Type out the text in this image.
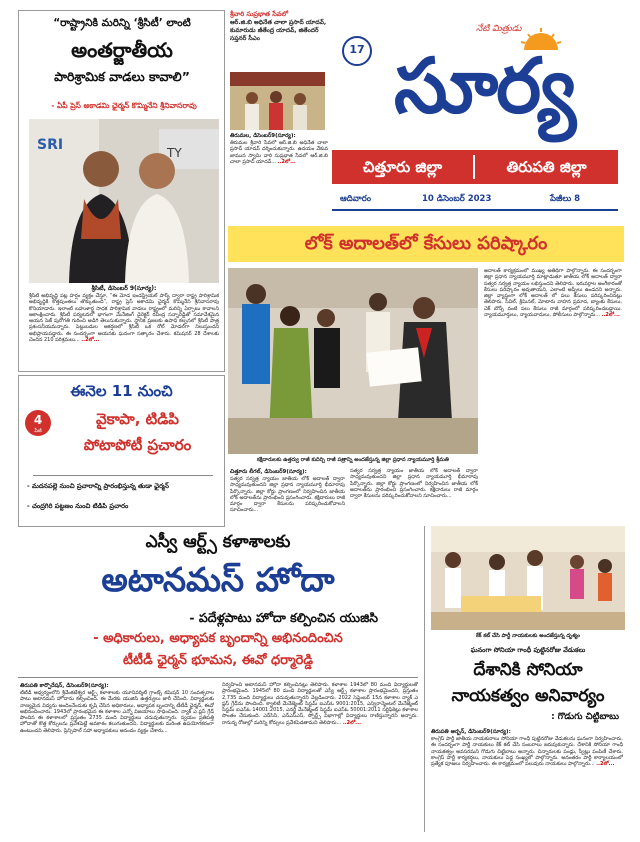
“రాష్ట్రానికి మరిన్ని ‘శ్రీసిటీ’ లాంటి
అంతర్జాతీయ
పారిశ్రామిక వాడలు కావాలి”
- ఏపీ ప్రెస్ అకాడమి ఛైర్మన్ కొమ్మినేని శ్రీనివాసరావు
SRI	TY
శ్రీసిటీ, డిసెంబర్ 9(సూర్య):
శ్రీసిటీ అభివృద్ధి పట్ల హర్షం వ్యక్తం చేస్తూ, “ఈ మోడ ఇండస్ట్రియల్ పార్క్ ద్వారా రాష్ట్ర పారిశ్రామిక అభివృద్ధికి కొత్తపుంతలు తొక్కుతుంది”, రాష్ట్ర ప్రెస్ అకాడమి ఛైర్మన్ కొమ్మినేని శ్రీనివాసరావు కొనియాడారు. ఇలాంటి బహుళార్థ సాధక పారిశ్రామిక వాడలు రాష్ట్రంలో మరిన్ని ఏర్పాటు కావాలని ఆకాంక్షించారు. శ్రీసిటీ పర్యటనలో భాగంగా మేనేజింగ్ డైరెక్టర్ రవీంద్ర సన్నారెడ్డితో సమావేశమైన ఆయన సెజ్ పురోగతి గురించి అడిగి తెలుసుకున్నారు. స్థానిక ప్రజలకు ఉపాధి కల్పనలో శ్రీసిటీ పాత్ర ప్రశంసనీయమన్నారు. పెట్టుబడుల ఆకర్షణలో శ్రీసిటీ ఒక రోల్ మోడల్‌గా నిలుస్తుందని అభిప్రాయపడ్డారు. ఈ సందర్భంగా ఆయనకు ఘనంగా సత్కారం చేశారు. కమిషనర్ 28 దేశాలకు చెందిన 210 పరిశ్రమలు... ..2లో...
శ్రీవారి సుప్రభాత సేవలో
ఆర్.జి.బి అధినేత చాలా ప్రసాద్ యాదవ్, కుమారుడు జీతేంద్ర యాదవ్, జితేందర్ సప్తనర్ సీఎం
తిరుమల, డిసెంబర్9(సూర్య):
తిరుమల శ్రీవారి సేవలో ఆర్.జి.బి అధినేత చాలా ప్రసాద్ యాదవ్ దర్శించుకున్నారు. ఉదయం వేకువ జామున స్వామి వారి సుప్రభాత సేవలో ఆర్.జి.బి చాలా ప్రసాద్ యాదవ్... ..2లో...
17
నేటి మిత్రుడు
సూర్య
చిత్తూరు జిల్లా	తిరుపతి జిల్లా
ఆదివారం	10 డిసెంబర్ 2023	పేజీలు 8
లోక్ అదాలత్‌లో కేసులు పరిష్కారం
కక్షిదారులకు ఉత్తర్వు రాజీ కుదిర్చి రాజీ పత్రాన్ని అందజేస్తున్న జిల్లా ప్రధాన న్యాయమూర్తి శ్రీమతి
చిత్తూరు లీగల్, డిసెంబర్9(సూర్య):
సత్వర సర్వత్ర న్యాయం జాతీయ లోక్ అదాలత్ ద్వారా సాధ్యమవుతుందని జిల్లా ప్రధాన న్యాయమూర్తి భీమారావు పేర్కొన్నారు. జిల్లా కోర్టు ప్రాంగణంలో నిర్వహించిన జాతీయ లోక్ అదాలత్‌ను ప్రారంభించి ప్రసంగించారు. కక్షిదారులు రాజీ మార్గం ద్వారా కేసులను పరిష్కరించుకోవాలని సూచించారు...
సత్వర సర్వత్ర న్యాయం జాతీయ లోక్ అదాలత్ ద్వారా సాధ్యమవుతుందని జిల్లా ప్రధాన న్యాయమూర్తి భీమారావు పేర్కొన్నారు. జిల్లా కోర్టు ప్రాంగణంలో నిర్వహించిన జాతీయ లోక్ అదాలత్‌ను ప్రారంభించి ప్రసంగించారు. కక్షిదారులు రాజీ మార్గం ద్వారా కేసులను పరిష్కరించుకోవాలని సూచించారు...
అదాలత్ కార్యక్రమంలో ముఖ్య అతిథిగా పాల్గొన్నారు. ఈ సందర్భంగా జిల్లా ప్రధాన న్యాయమూర్తి మాట్లాడుతూ జాతీయ లోక్ అదాలత్ ద్వారా సత్వర సర్వత్ర న్యాయం లభిస్తుందని తెలిపారు. ఇరువర్గాల అంగీకారంతో కేసులు పరిష్కారం అవుతాయని, ఎలాంటి అప్పీలు ఉండదని అన్నారు. జిల్లా వ్యాప్తంగా లోక్ అదాలత్ లో పలు కేసులు పరిష్కరించినట్లు తెలిపారు. సివిల్, క్రిమినల్, మోటారు వాహన ప్రమాద, బ్యాంకు కేసులు, చెక్ బౌన్స్ వంటి పలు కేసులు రాజీ మార్గంలో పరిష్కరించబడ్డాయి. న్యాయమూర్తులు, న్యాయవాదులు, పోలీసులు పాల్గొన్నారు... ..2లో...
ఈనెల 11 నుంచి
4
పేజీ
వైకాపా, టిడిపి
పోటాపోటీ ప్రచారం
- మదనపల్లె నుంచి ప్రచారాన్ని ప్రారంభిస్తున్న తుడా ఛైర్మన్
- చంద్రగిరి పట్టణం నుంచి టిడిపి ప్రచారం
ఎస్వీ ఆర్ట్స్ కళాశాలకు
అటానమస్ హోదా
- పదేళ్లపాటు హోదా కల్పించిన యుజిసి
- అధికారులు, అధ్యాపక బృందాన్ని అభినందించిన
టీటీడీ ఛైర్మన్ భూమన, ఈవో ధర్మారెడ్డి
తిరుపతి కార్పొరేషన్, డిసెంబర్9(సూర్య):
టీటీడీ ఆధ్వర్యంలోని శ్రీవేంకటేశ్వర ఆర్ట్స్ కళాశాలకు యూనివర్శిటీ గ్రాంట్స్ కమిషన్ 10 సంవత్సరాల పాటు అటానమస్ హోదాను కల్పించింది. ఈ మేరకు యుజిసి ఉత్తర్వులు జారీ చేసింది. విద్యార్థులకు నాణ్యమైన విద్యను అందించేందుకు కృషి చేసిన అధికారులు, అధ్యాపక బృందాన్ని టీటీడీ ఛైర్మన్, ఈవో అభినందించారు. 1943లో ప్రారంభమైన ఈ కళాశాల ఎన్నో విజయాలు సాధించింది. న్యాక్ ఎ ప్లస్ గ్రేడ్ పొందిన ఈ కళాశాలలో ప్రస్తుతం 2735 మంది విద్యార్థులు చదువుతున్నారు. స్వయం ప్రతిపత్తి హోదాతో కొత్త కోర్సులను ప్రవేశపెట్టే అవకాశం కలుగుతుందని, విద్యార్థులకు మరింత ఉపయోగకరంగా ఉంటుందని తెలిపారు. ప్రిన్సిపాల్ సహా అధ్యాపకులు ఆనందం వ్యక్తం చేశారు...
నిర్వహించి అటానమస్ హోదా కల్పించినట్లు తెలిపారు. కళాశాల 1943లో 80 మంది విద్యార్థులతో ప్రారంభమైంది. 1945లో 80 మంది విద్యార్థులతో ఎస్వీ ఆర్ట్స్ కళాశాల ప్రారంభమైందని, ప్రస్తుతం 2,735 మంది విద్యార్థులు చదువుతున్నారని వెల్లడించారు. 2022 సెప్టెంబర్ 15న కళాశాల న్యాక్ ఎ ప్లస్ గ్రేడ్‌ను పొందింది. క్వాలిటీ మేనేజ్మెంట్ సిస్టమ్ ఐఎస్ఓ 9001:2015, ఎన్విరాన్మెంటల్ మేనేజ్మెంట్ సిస్టమ్ ఐఎస్ఓ 14001:2015, ఎనర్జీ మేనేజ్మెంట్ సిస్టమ్ ఐఎస్ఓ 50001:2011 సర్టిఫికెట్లు కళాశాల సొంతం చేసుకుంది. ఎన్‌సిసి, ఎన్ఎస్ఎస్, స్పోర్ట్స్ విభాగాల్లో విద్యార్థులు రాణిస్తున్నారని అన్నారు. రానున్న రోజుల్లో మరిన్ని కోర్సులు ప్రవేశపెడతామని తెలిపారు... ..2లో...
కేక్ కట్ చేసి పార్టీ నాయకులకు అందజేస్తున్న దృశ్యం
ఘనంగా సోనియా గాంధీ పుట్టినరోజు వేడుకలు
దేశానికి సోనియా
నాయకత్వం అనివార్యం
: గొడుగు చిట్టిబాబు
తిరుపతి అర్బన్, డిసెంబర్9(సూర్య):
కాంగ్రెస్ పార్టీ జాతీయ నాయకురాలు సోనియా గాంధీ పుట్టినరోజు వేడుకలను ఘనంగా నిర్వహించారు. ఈ సందర్భంగా పార్టీ నాయకులు కేక్ కట్ చేసి సంబరాలు జరుపుకున్నారు. దేశానికి సోనియా గాంధీ నాయకత్వం అవసరమని గొడుగు చిట్టిబాబు అన్నారు. చిన్నారులకు పండ్లు, స్వీట్లు పంపిణీ చేశారు. కాంగ్రెస్ పార్టీ కార్యకర్తలు, నాయకులు పెద్ద సంఖ్యలో పాల్గొన్నారు. అనంతరం పార్టీ కార్యాలయంలో ప్రత్యేక పూజలు నిర్వహించారు. ఈ కార్యక్రమంలో పలువురు నాయకులు పాల్గొన్నారు... ..2లో...
